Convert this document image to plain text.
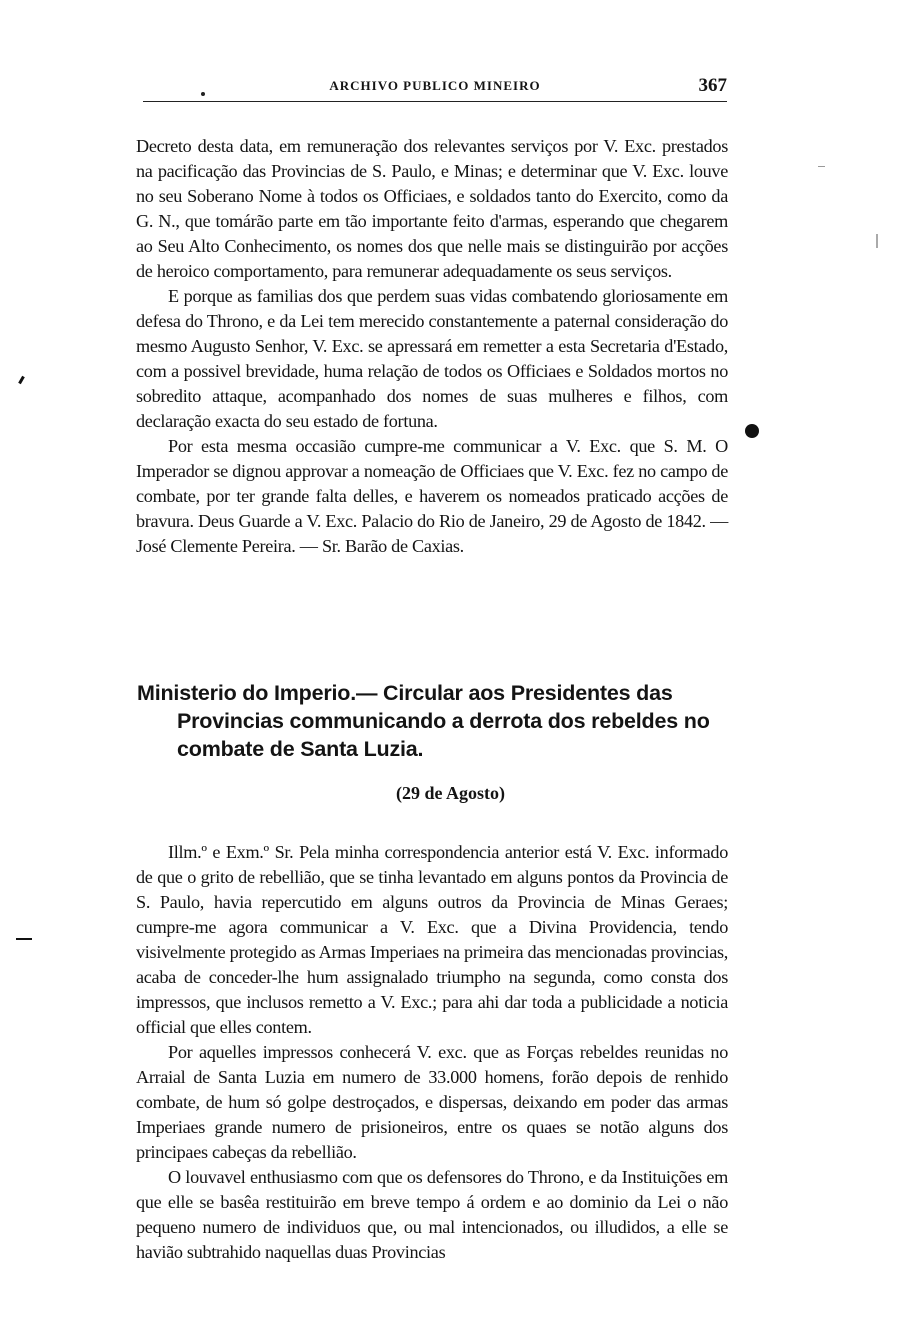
ARCHIVO PUBLICO MINEIRO	367

Decreto desta data, em remuneração dos relevantes serviços por V. Exc. prestados na pacificação das Provincias de S. Paulo, e Minas; e determinar que V. Exc. louve no seu Soberano Nome à todos os Officiaes, e soldados tanto do Exercito, como da G. N., que tomárão parte em tão importante feito d'armas, esperando que chegarem ao Seu Alto Conhecimento, os nomes dos que nelle mais se distinguirão por acções de heroico comportamento, para remunerar adequadamente os seus serviços.

E porque as familias dos que perdem suas vidas combatendo gloriosamente em defesa do Throno, e da Lei tem merecido constantemente a paternal consideração do mesmo Augusto Senhor, V. Exc. se apressará em remetter a esta Secretaria d'Estado, com a possivel brevidade, huma relação de todos os Officiaes e Soldados mortos no sobredito attaque, acompanhado dos nomes de suas mulheres e filhos, com declaração exacta do seu estado de fortuna.

Por esta mesma occasião cumpre-me communicar a V. Exc. que S. M. O Imperador se dignou approvar a nomeação de Officiaes que V. Exc. fez no campo de combate, por ter grande falta delles, e haverem os nomeados praticado acções de bravura. Deus Guarde a V. Exc. Palacio do Rio de Janeiro, 29 de Agosto de 1842. — José Clemente Pereira. — Sr. Barão de Caxias.

Ministerio do Imperio.— Circular aos Presidentes das Provincias communicando a derrota dos rebeldes no combate de Santa Luzia.
(29 de Agosto)

Illm.º e Exm.º Sr. Pela minha correspondencia anterior está V. Exc. informado de que o grito de rebellião, que se tinha levantado em alguns pontos da Provincia de S. Paulo, havia repercutido em alguns outros da Provincia de Minas Geraes; cumpre-me agora communicar a V. Exc. que a Divina Providencia, tendo visivelmente protegido as Armas Imperiaes na primeira das mencionadas provincias, acaba de conceder-lhe hum assignalado triumpho na segunda, como consta dos impressos, que inclusos remetto a V. Exc.; para ahi dar toda a publicidade a noticia official que elles contem.

Por aquelles impressos conhecerá V. exc. que as Forças rebeldes reunidas no Arraial de Santa Luzia em numero de 33.000 homens, forão depois de renhido combate, de hum só golpe destroçados, e dispersas, deixando em poder das armas Imperiaes grande numero de prisioneiros, entre os quaes se notão alguns dos principaes cabeças da rebellião.

O louvavel enthusiasmo com que os defensores do Throno, e da Instituições em que elle se basêa restituirão em breve tempo á ordem e ao dominio da Lei o não pequeno numero de individuos que, ou mal intencionados, ou illudidos, a elle se havião subtrahido naquellas duas Provincias
